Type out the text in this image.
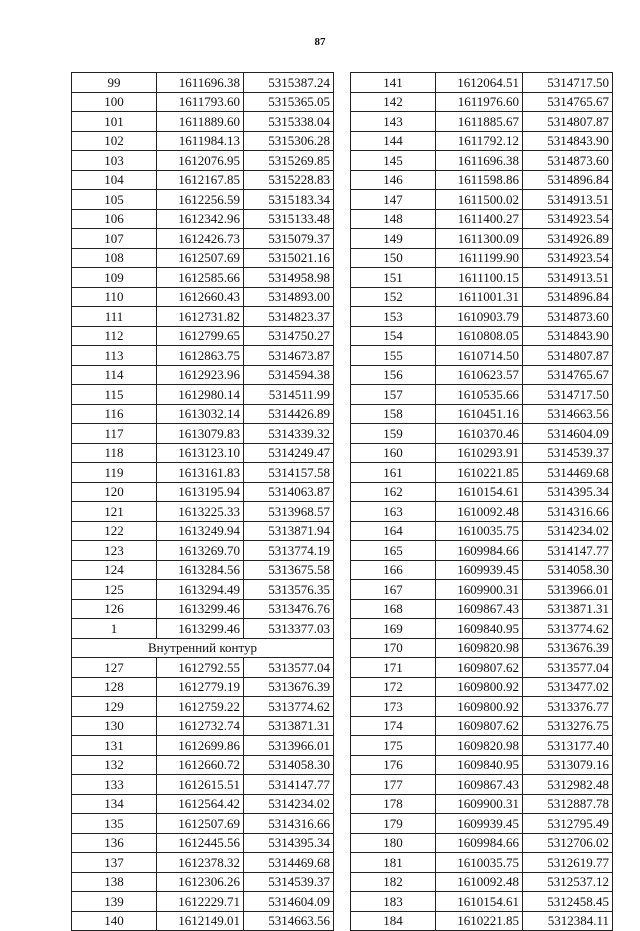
87
99	1611696.38	5315387.24
100	1611793.60	5315365.05
101	1611889.60	5315338.04
102	1611984.13	5315306.28
103	1612076.95	5315269.85
104	1612167.85	5315228.83
105	1612256.59	5315183.34
106	1612342.96	5315133.48
107	1612426.73	5315079.37
108	1612507.69	5315021.16
109	1612585.66	5314958.98
110	1612660.43	5314893.00
111	1612731.82	5314823.37
112	1612799.65	5314750.27
113	1612863.75	5314673.87
114	1612923.96	5314594.38
115	1612980.14	5314511.99
116	1613032.14	5314426.89
117	1613079.83	5314339.32
118	1613123.10	5314249.47
119	1613161.83	5314157.58
120	1613195.94	5314063.87
121	1613225.33	5313968.57
122	1613249.94	5313871.94
123	1613269.70	5313774.19
124	1613284.56	5313675.58
125	1613294.49	5313576.35
126	1613299.46	5313476.76
1	1613299.46	5313377.03
Внутренний контур		
127	1612792.55	5313577.04
128	1612779.19	5313676.39
129	1612759.22	5313774.62
130	1612732.74	5313871.31
131	1612699.86	5313966.01
132	1612660.72	5314058.30
133	1612615.51	5314147.77
134	1612564.42	5314234.02
135	1612507.69	5314316.66
136	1612445.56	5314395.34
137	1612378.32	5314469.68
138	1612306.26	5314539.37
139	1612229.71	5314604.09
140	1612149.01	5314663.56
141	1612064.51	5314717.50
142	1611976.60	5314765.67
143	1611885.67	5314807.87
144	1611792.12	5314843.90
145	1611696.38	5314873.60
146	1611598.86	5314896.84
147	1611500.02	5314913.51
148	1611400.27	5314923.54
149	1611300.09	5314926.89
150	1611199.90	5314923.54
151	1611100.15	5314913.51
152	1611001.31	5314896.84
153	1610903.79	5314873.60
154	1610808.05	5314843.90
155	1610714.50	5314807.87
156	1610623.57	5314765.67
157	1610535.66	5314717.50
158	1610451.16	5314663.56
159	1610370.46	5314604.09
160	1610293.91	5314539.37
161	1610221.85	5314469.68
162	1610154.61	5314395.34
163	1610092.48	5314316.66
164	1610035.75	5314234.02
165	1609984.66	5314147.77
166	1609939.45	5314058.30
167	1609900.31	5313966.01
168	1609867.43	5313871.31
169	1609840.95	5313774.62
170	1609820.98	5313676.39
171	1609807.62	5313577.04
172	1609800.92	5313477.02
173	1609800.92	5313376.77
174	1609807.62	5313276.75
175	1609820.98	5313177.40
176	1609840.95	5313079.16
177	1609867.43	5312982.48
178	1609900.31	5312887.78
179	1609939.45	5312795.49
180	1609984.66	5312706.02
181	1610035.75	5312619.77
182	1610092.48	5312537.12
183	1610154.61	5312458.45
184	1610221.85	5312384.11
